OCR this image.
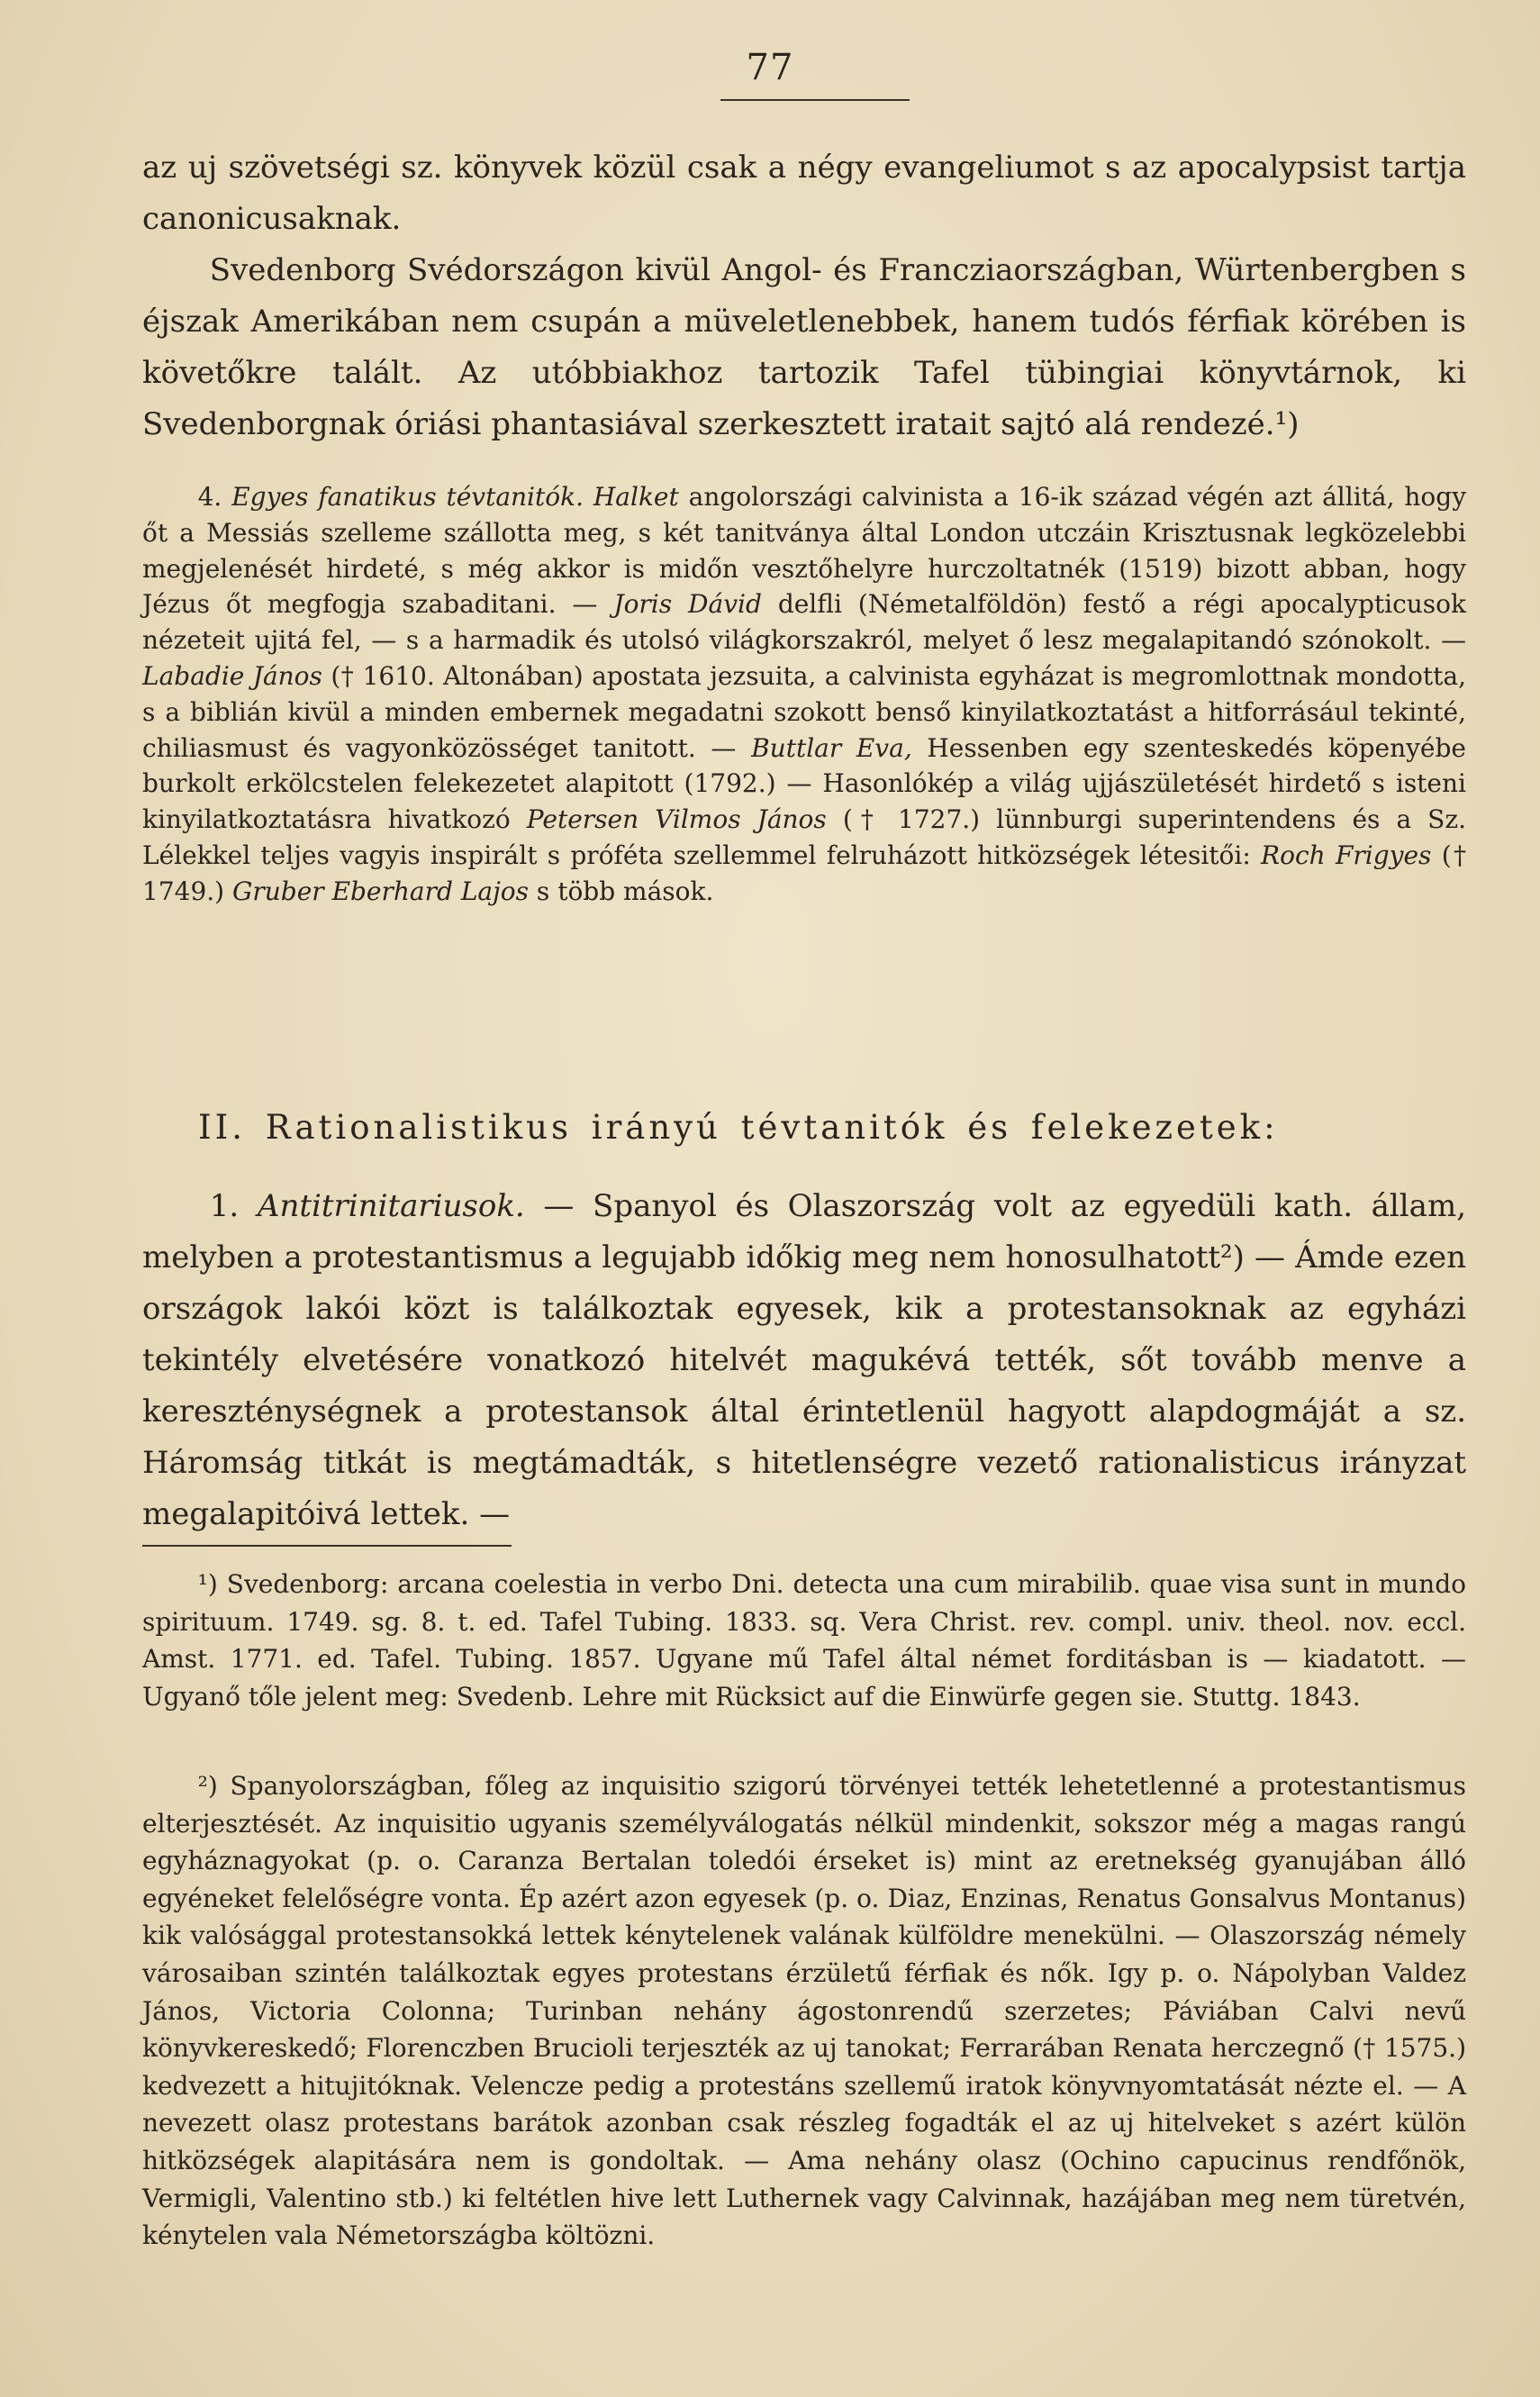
77

az uj szövetségi sz. könyvek közül csak a négy evangeliumot s az apocalypsist tartja canonicusaknak.

Svedenborg Svédországon kivül Angol- és Francziaországban, Würtenbergben s éjszak Amerikában nem csupán a müveletlenebbek, hanem tudós férfiak körében is követőkre talált. Az utóbbiakhoz tartozik Tafel tübingiai könyvtárnok, ki Svedenborgnak óriási phantasiával szerkesztett iratait sajtó alá rendezé.¹)

4. Egyes fanatikus tévtanitók. Halket angolországi calvinista a 16-ik század végén azt állitá, hogy őt a Messiás szelleme szállotta meg, s két tanitványa által London utczáin Krisztusnak legközelebbi megjelenését hirdeté, s még akkor is midőn vesztőhelyre hurczoltatnék (1519) bizott abban, hogy Jézus őt megfogja szabaditani. — Joris Dávid delfli (Németalföldön) festő a régi apocalypticusok nézeteit ujitá fel, — s a harmadik és utolsó világkorszakról, melyet ő lesz megalapitandó szónokolt. — Labadie János († 1610. Altonában) apostata jezsuita, a calvinista egyházat is megromlottnak mondotta, s a biblián kivül a minden embernek megadatni szokott benső kinyilatkoztatást a hitforrásául tekinté, chiliasmust és vagyonközösséget tanitott. — Buttlar Eva, Hessenben egy szenteskedés köpenyébe burkolt erkölcstelen felekezetet alapitott (1792.) — Hasonlókép a világ ujjászületését hirdető s isteni kinyilatkoztatásra hivatkozó Petersen Vilmos János († 1727.) lünnburgi superintendens és a Sz. Lélekkel teljes vagyis inspirált s próféta szellemmel felruházott hitközségek létesitői: Roch Frigyes († 1749.) Gruber Eberhard Lajos s több mások.

II. Rationalistikus irányú tévtanitók és felekezetek:

1. Antitrinitariusok. — Spanyol és Olaszország volt az egyedüli kath. állam, melyben a protestantismus a legujabb időkig meg nem honosulhatott²) — Ámde ezen országok lakói közt is találkoztak egyesek, kik a protestansoknak az egyházi tekintély elvetésére vonatkozó hitelvét magukévá tették, sőt tovább menve a kereszténységnek a protestansok által érintetlenül hagyott alapdogmáját a sz. Háromság titkát is megtámadták, s hitetlenségre vezető rationalisticus irányzat megalapitóivá lettek. —

¹) Svedenborg: arcana coelestia in verbo Dni. detecta una cum mirabilib. quae visa sunt in mundo spirituum. 1749. sg. 8. t. ed. Tafel Tubing. 1833. sq. Vera Christ. rev. compl. univ. theol. nov. eccl. Amst. 1771. ed. Tafel. Tubing. 1857. Ugyane mű Tafel által német forditásban is — kiadatott. — Ugyanő tőle jelent meg: Svedenb. Lehre mit Rücksict auf die Einwürfe gegen sie. Stuttg. 1843.

²) Spanyolországban, főleg az inquisitio szigorú törvényei tették lehetetlenné a protestantismus elterjesztését. Az inquisitio ugyanis személyválogatás nélkül mindenkit, sokszor még a magas rangú egyháznagyokat (p. o. Caranza Bertalan toledói érseket is) mint az eretnekség gyanujában álló egyéneket felelőségre vonta. Ép azért azon egyesek (p. o. Diaz, Enzinas, Renatus Gonsalvus Montanus) kik valósággal protestansokká lettek kénytelenek valának külföldre menekülni. — Olaszország némely városaiban szintén találkoztak egyes protestans érzületű férfiak és nők. Igy p. o. Nápolyban Valdez János, Victoria Colonna; Turinban nehány ágostonrendű szerzetes; Páviában Calvi nevű könyvkereskedő; Florenczben Brucioli terjeszték az uj tanokat; Ferrarában Renata herczegnő († 1575.) kedvezett a hitujitóknak. Velencze pedig a protestáns szellemű iratok könyvnyomtatását nézte el. — A nevezett olasz protestans barátok azonban csak részleg fogadták el az uj hitelveket s azért külön hitközségek alapitására nem is gondoltak. — Ama nehány olasz (Ochino capucinus rendfőnök, Vermigli, Valentino stb.) ki feltétlen hive lett Luthernek vagy Calvinnak, hazájában meg nem türetvén, kénytelen vala Németországba költözni.
